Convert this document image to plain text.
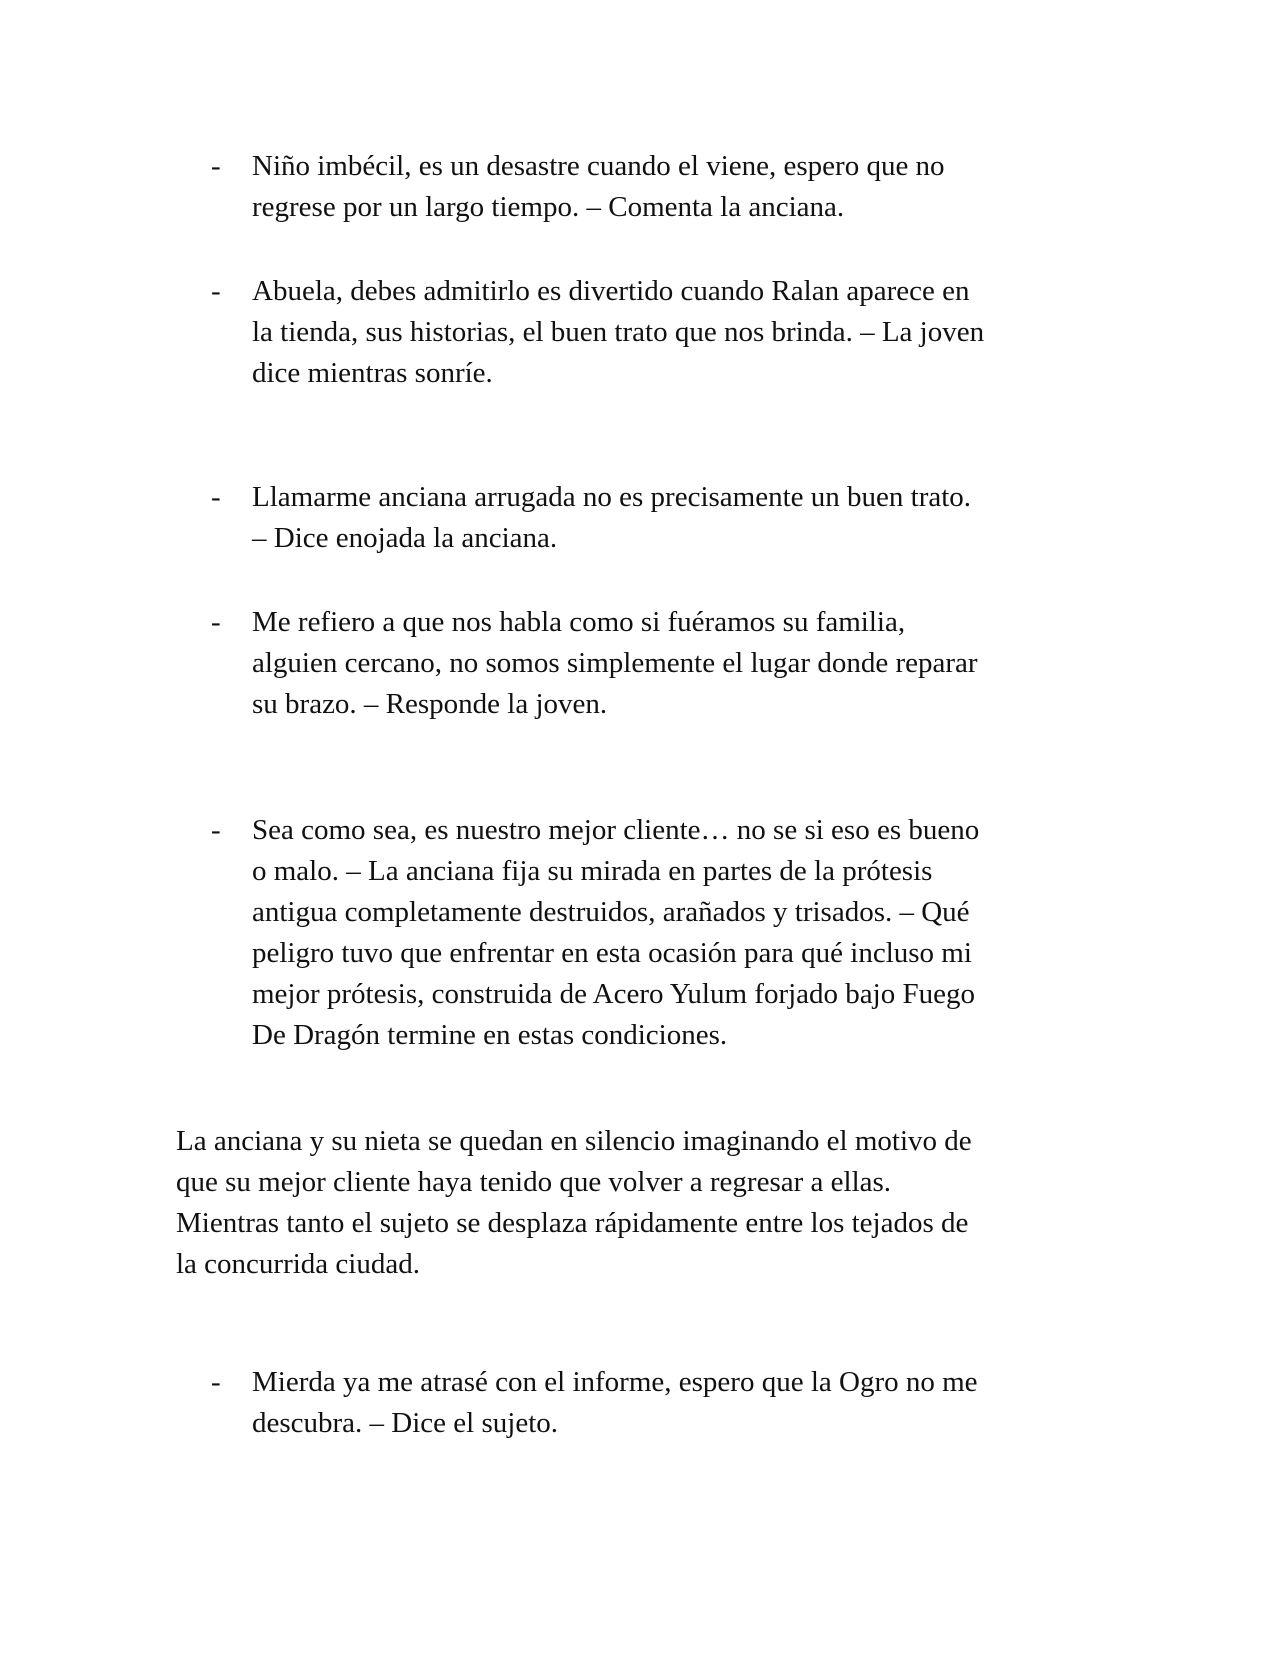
- Niño imbécil, es un desastre cuando el viene, espero que no
regrese por un largo tiempo. – Comenta la anciana.
- Abuela, debes admitirlo es divertido cuando Ralan aparece en
la tienda, sus historias, el buen trato que nos brinda. – La joven
dice mientras sonríe.
- Llamarme anciana arrugada no es precisamente un buen trato.
– Dice enojada la anciana.
- Me refiero a que nos habla como si fuéramos su familia,
alguien cercano, no somos simplemente el lugar donde reparar
su brazo. – Responde la joven.
- Sea como sea, es nuestro mejor cliente… no se si eso es bueno
o malo. – La anciana fija su mirada en partes de la prótesis
antigua completamente destruidos, arañados y trisados. – Qué
peligro tuvo que enfrentar en esta ocasión para qué incluso mi
mejor prótesis, construida de Acero Yulum forjado bajo Fuego
De Dragón termine en estas condiciones.
La anciana y su nieta se quedan en silencio imaginando el motivo de
que su mejor cliente haya tenido que volver a regresar a ellas.
Mientras tanto el sujeto se desplaza rápidamente entre los tejados de
la concurrida ciudad.
- Mierda ya me atrasé con el informe, espero que la Ogro no me
descubra. – Dice el sujeto.
